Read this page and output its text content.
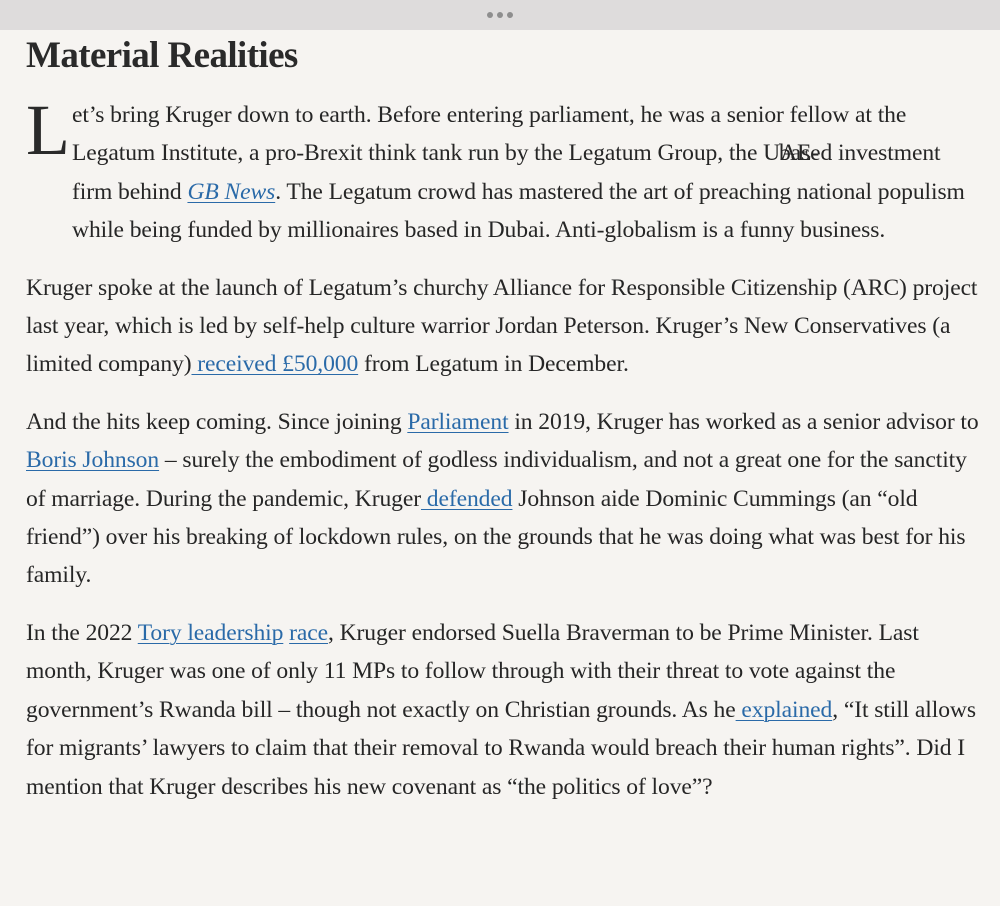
Material Realities

L et’s bring Kruger down to earth. Before entering parliament, he was a senior fellow at the Legatum Institute, a pro-Brexit think tank run by the Legatum Group, the UAE- based investment firm behind GB News. The Legatum crowd has mastered the art of preaching national populism while being funded by millionaires based in Dubai. Anti-globalism is a funny business.

Kruger spoke at the launch of Legatum’s churchy Alliance for Responsible Citizenship (ARC) project last year, which is led by self-help culture warrior Jordan Peterson. Kruger’s New Conservatives (a limited company) received £50,000 from Legatum in December.

And the hits keep coming. Since joining Parliament in 2019, Kruger has worked as a senior advisor to Boris Johnson – surely the embodiment of godless individualism, and not a great one for the sanctity of marriage. During the pandemic, Kruger defended Johnson aide Dominic Cummings (an “old friend”) over his breaking of lockdown rules, on the grounds that he was doing what was best for his family.

In the 2022 Tory leadership race, Kruger endorsed Suella Braverman to be Prime Minister. Last month, Kruger was one of only 11 MPs to follow through with their threat to vote against the government’s Rwanda bill – though not exactly on Christian grounds. As he explained, “It still allows for migrants’ lawyers to claim that their removal to Rwanda would breach their human rights”. Did I mention that Kruger describes his new covenant as “the politics of love”?
